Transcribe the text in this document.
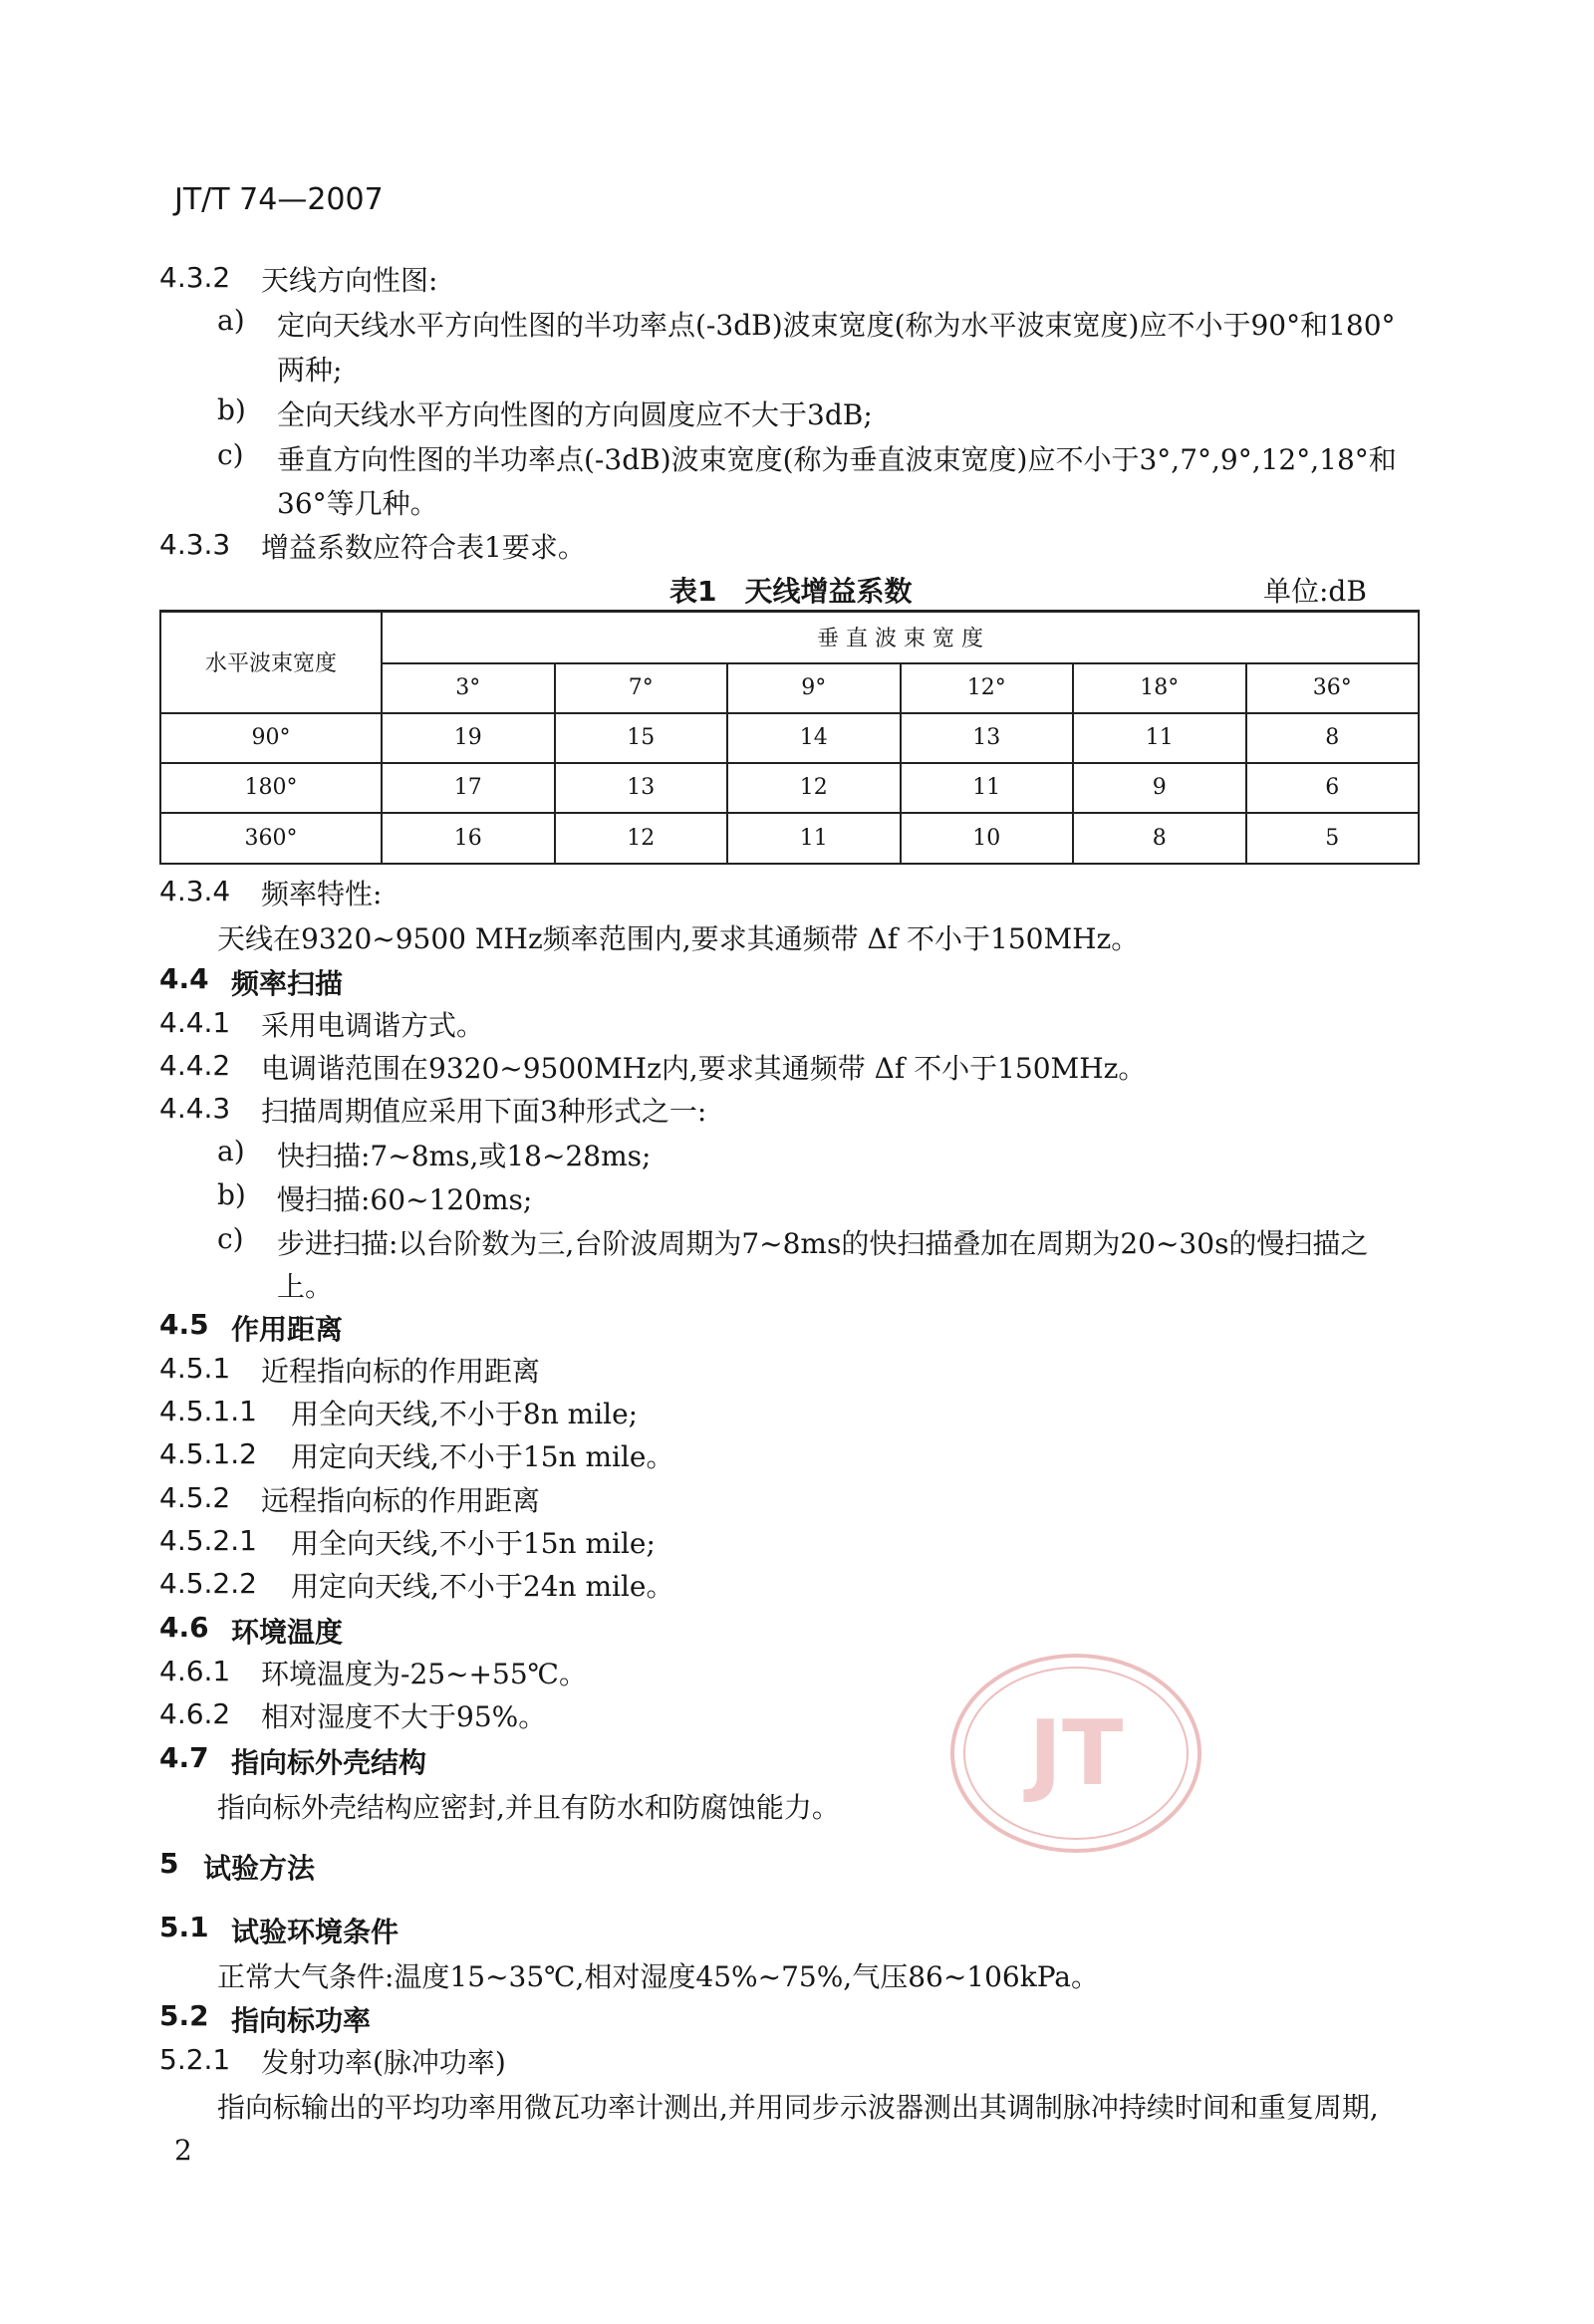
JT/T 74—2007
4.3.2 天线方向性图:
a) 定向天线水平方向性图的半功率点(-3dB)波束宽度(称为水平波束宽度)应不小于90°和180°
两种;
b) 全向天线水平方向性图的方向圆度应不大于3dB;
c) 垂直方向性图的半功率点(-3dB)波束宽度(称为垂直波束宽度)应不小于3°,7°,9°,12°,18°和
36°等几种。
4.3.3 增益系数应符合表1要求。
表1　天线增益系数	单位:dB
水平波束宽度	垂 直 波 束 宽 度					
	3°	7°	9°	12°	18°	36°
90°	19	15	14	13	11	8
180°	17	13	12	11	9	6
360°	16	12	11	10	8	5
4.3.4 频率特性:
天线在9320~9500 MHz频率范围内,要求其通频带 Δf 不小于150MHz。
4.4 频率扫描
4.4.1 采用电调谐方式。
4.4.2 电调谐范围在9320~9500MHz内,要求其通频带 Δf 不小于150MHz。
4.4.3 扫描周期值应采用下面3种形式之一:
a) 快扫描:7~8ms,或18~28ms;
b) 慢扫描:60~120ms;
c) 步进扫描:以台阶数为三,台阶波周期为7~8ms的快扫描叠加在周期为20~30s的慢扫描之
上。
4.5 作用距离
4.5.1 近程指向标的作用距离
4.5.1.1 用全向天线,不小于8n mile;
4.5.1.2 用定向天线,不小于15n mile。
4.5.2 远程指向标的作用距离
4.5.2.1 用全向天线,不小于15n mile;
4.5.2.2 用定向天线,不小于24n mile。
4.6 环境温度
4.6.1 环境温度为-25~+55℃。
4.6.2 相对湿度不大于95%。
4.7 指向标外壳结构
指向标外壳结构应密封,并且有防水和防腐蚀能力。
5 试验方法
5.1 试验环境条件
正常大气条件:温度15~35℃,相对湿度45%~75%,气压86~106kPa。
5.2 指向标功率
5.2.1 发射功率(脉冲功率)
指向标输出的平均功率用微瓦功率计测出,并用同步示波器测出其调制脉冲持续时间和重复周期,
2
JT
